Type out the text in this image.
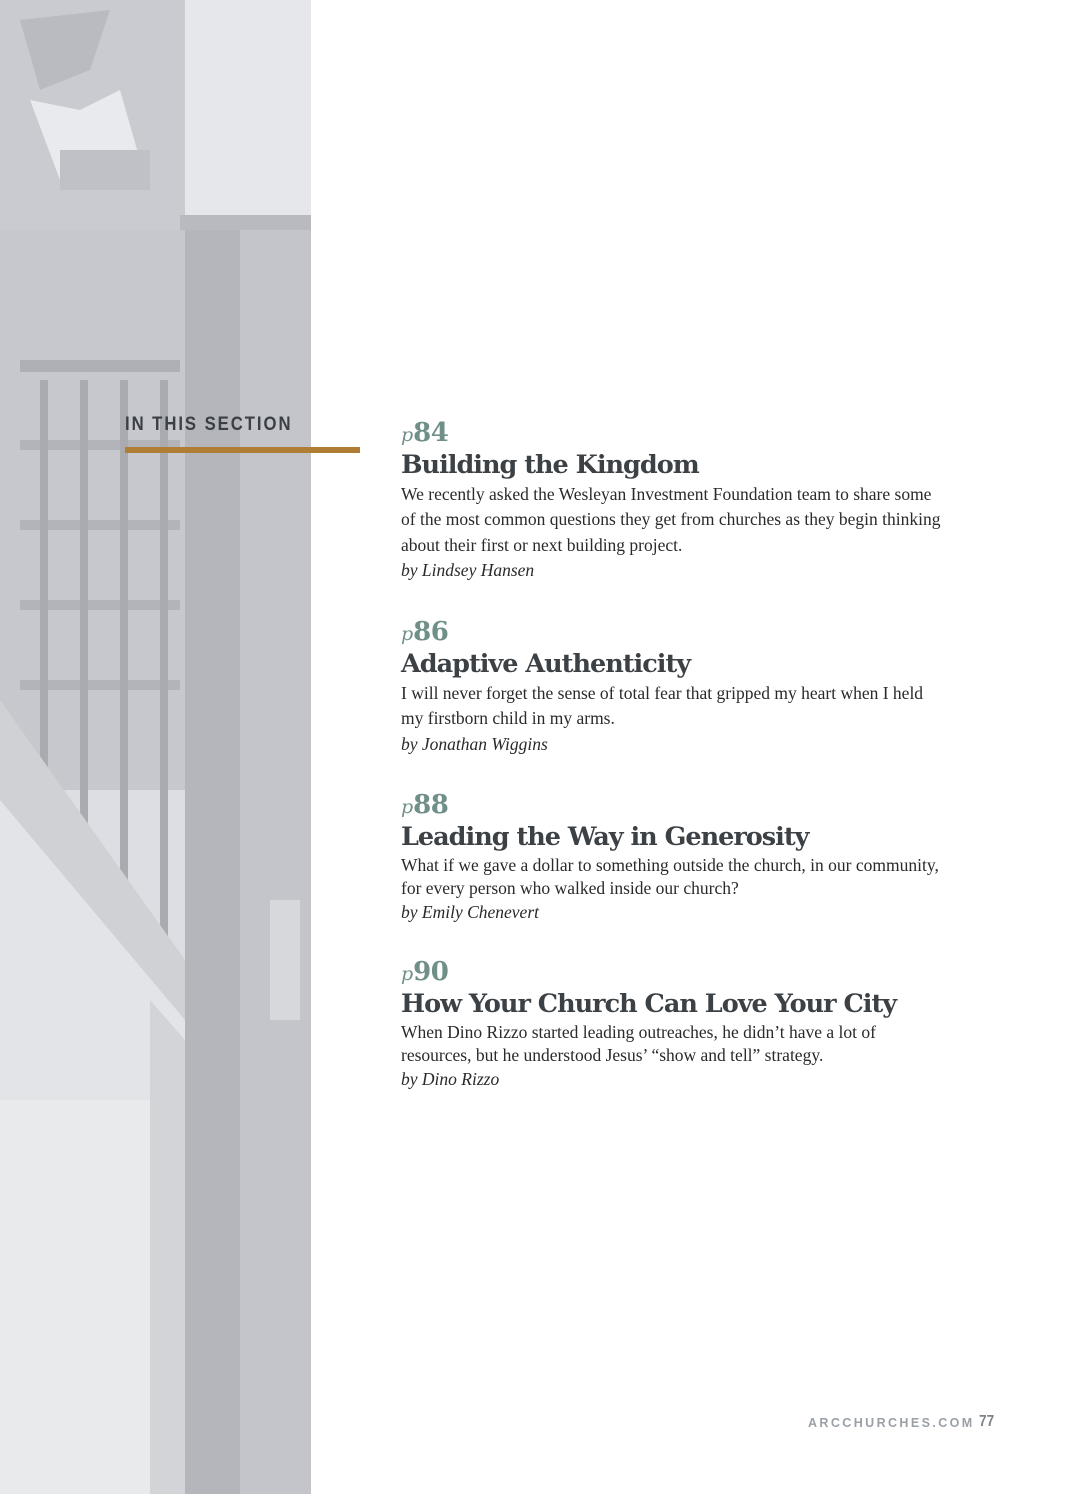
IN THIS SECTION	p84
Building the Kingdom
We recently asked the Wesleyan Investment Foundation team to share some of the most common questions they get from churches as they begin thinking about their first or next building project.
by Lindsey Hansen
p86
Adaptive Authenticity
I will never forget the sense of total fear that gripped my heart when I held my firstborn child in my arms.
by Jonathan Wiggins
p88
Leading the Way in Generosity
What if we gave a dollar to something outside the church, in our community, for every person who walked inside our church?
by Emily Chenevert
p90
How Your Church Can Love Your City
When Dino Rizzo started leading outreaches, he didn’t have a lot of resources, but he understood Jesus’ “show and tell” strategy.
by Dino Rizzo
ARCCHURCHES.COM 77
